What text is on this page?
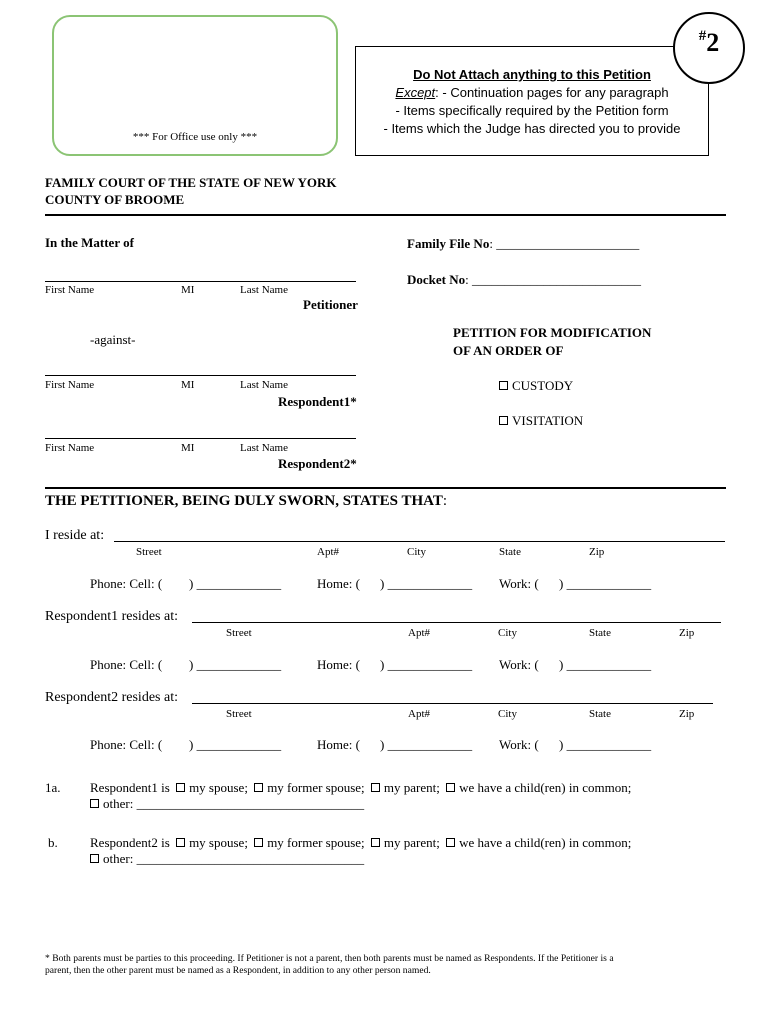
*** For Office use only ***
Do Not Attach anything to this Petition
Except: - Continuation pages for any paragraph
- Items specifically required by the Petition form
- Items which the Judge has directed you to provide
#2
FAMILY COURT OF THE STATE OF NEW YORK
COUNTY OF BROOME
In the Matter of
First Name	MI	Last Name
Petitioner
-against-
First Name	MI	Last Name
Respondent1*
First Name	MI	Last Name
Respondent2*
Family File No: ______________________
Docket No: __________________________
PETITION FOR MODIFICATION
OF AN ORDER OF
CUSTODY
VISITATION
THE PETITIONER, BEING DULY SWORN, STATES THAT:
I reside at:
Street	Apt#	City	State	Zip
Phone: Cell: ( ) _____________	Home: ( ) _____________ Work: ( ) _____________
Respondent1 resides at:
Street	Apt#	City	State	Zip
Phone: Cell: ( ) _____________	Home: ( ) _____________ Work: ( ) _____________
Respondent2 resides at:
Street	Apt#	City	State	Zip
Phone: Cell: ( ) _____________	Home: ( ) _____________ Work: ( ) _____________
1a. Respondent1 is my spouse; my former spouse; my parent; we have a child(ren) in common;
other: ___________________________________
b. Respondent2 is my spouse; my former spouse; my parent; we have a child(ren) in common;
other: ___________________________________
* Both parents must be parties to this proceeding. If Petitioner is not a parent, then both parents must be named as Respondents. If the Petitioner is a
parent, then the other parent must be named as a Respondent, in addition to any other person named.
